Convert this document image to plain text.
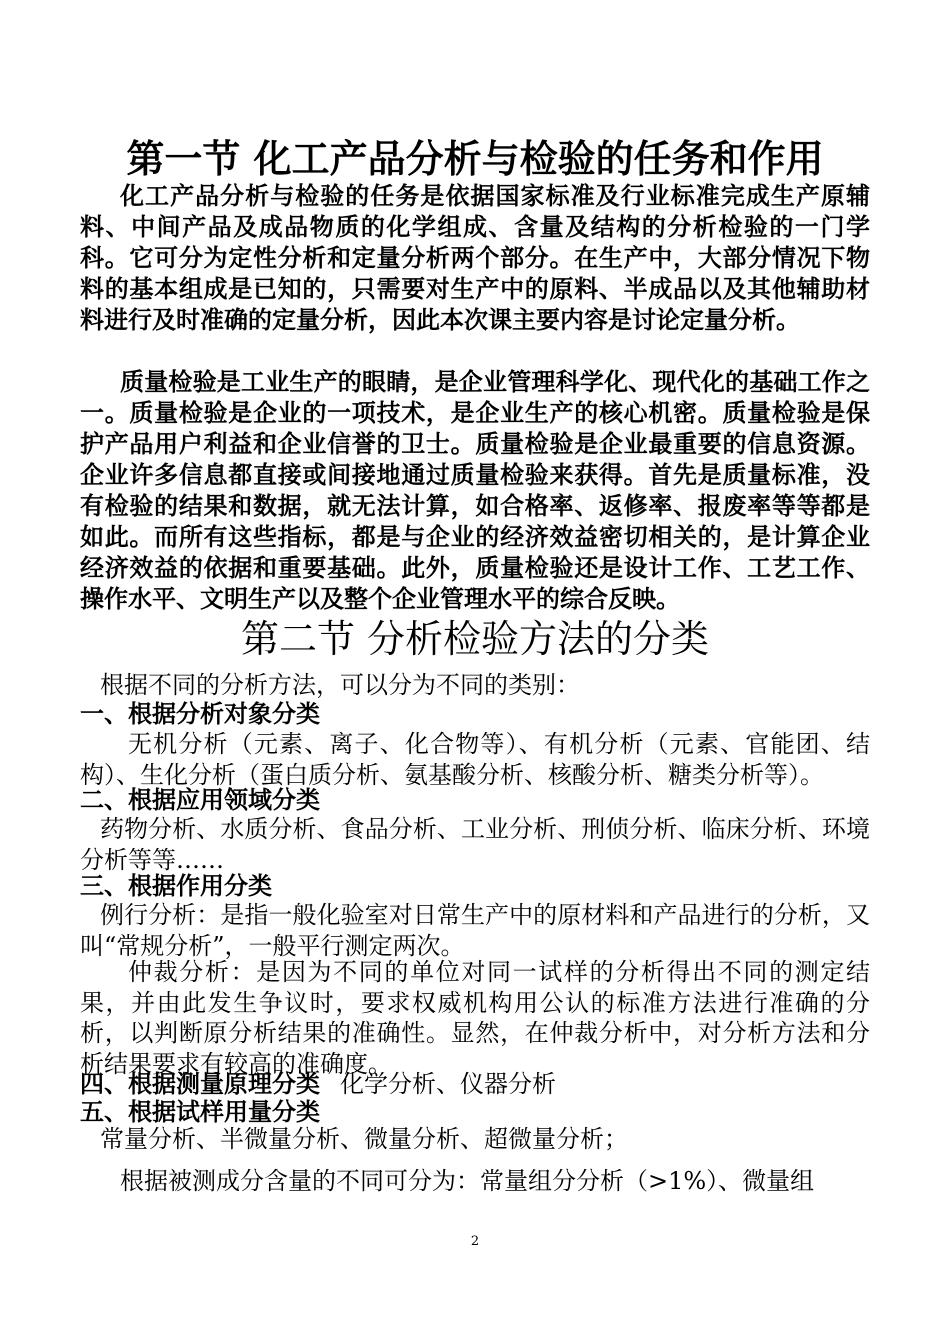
第一节 化工产品分析与检验的任务和作用

化工产品分析与检验的任务是依据国家标准及行业标准完成生产原辅料、中间产品及成品物质的化学组成、含量及结构的分析检验的一门学科。它可分为定性分析和定量分析两个部分。在生产中，大部分情况下物料的基本组成是已知的，只需要对生产中的原料、半成品以及其他辅助材料进行及时准确的定量分析，因此本次课主要内容是讨论定量分析。

质量检验是工业生产的眼睛，是企业管理科学化、现代化的基础工作之一。质量检验是企业的一项技术，是企业生产的核心机密。质量检验是保护产品用户利益和企业信誉的卫士。质量检验是企业最重要的信息资源。企业许多信息都直接或间接地通过质量检验来获得。首先是质量标准，没有检验的结果和数据，就无法计算，如合格率、返修率、报废率等等都是如此。而所有这些指标，都是与企业的经济效益密切相关的，是计算企业经济效益的依据和重要基础。此外，质量检验还是设计工作、工艺工作、操作水平、文明生产以及整个企业管理水平的综合反映。

第二节 分析检验方法的分类

根据不同的分析方法，可以分为不同的类别：

一、根据分析对象分类

无机分析（元素、离子、化合物等）、有机分析（元素、官能团、结构）、生化分析（蛋白质分析、氨基酸分析、核酸分析、糖类分析等）。

二、根据应用领域分类

药物分析、水质分析、食品分析、工业分析、刑侦分析、临床分析、环境分析等等……

三、根据作用分类

例行分析：是指一般化验室对日常生产中的原材料和产品进行的分析，又叫“常规分析”，一般平行测定两次。

仲裁分析：是因为不同的单位对同一试样的分析得出不同的测定结果，并由此发生争议时，要求权威机构用公认的标准方法进行准确的分析，以判断原分析结果的准确性。显然，在仲裁分析中，对分析方法和分析结果要求有较高的准确度。

四、根据测量原理分类 化学分析、仪器分析
五、根据试样用量分类

常量分析、半微量分析、微量分析、超微量分析；

根据被测成分含量的不同可分为：常量组分分析（>1%）、微量组

2
